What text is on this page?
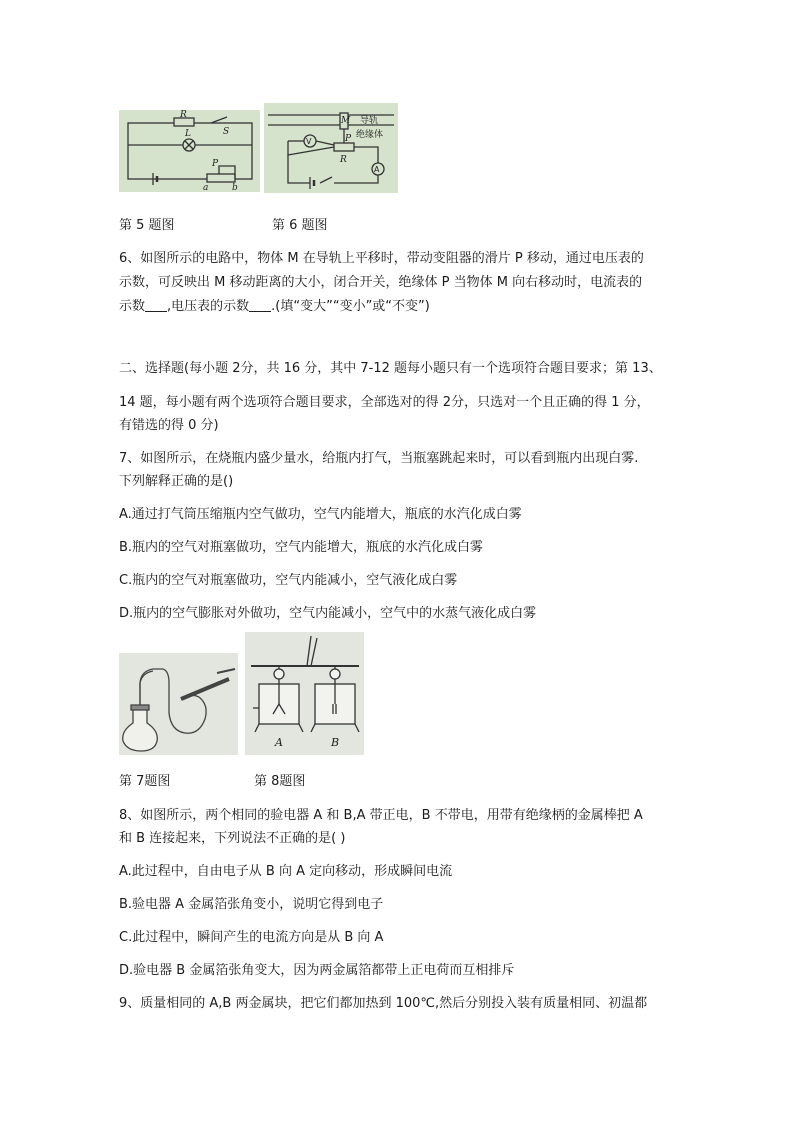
R
S
L
P
a	b
M 导轨
绝缘体
P
R
V
A
第 5 题图	第 6 题图
6、如图所示的电路中，物体 M 在导轨上平移时，带动变阻器的滑片 P 移动，通过电压表的
示数，可反映出 M 移动距离的大小，闭合开关，绝缘体 P 当物体 M 向右移动时，电流表的
示数 ,电压表的示数 .(填“变大”“变小”或“不变”)
二、选择题(每小题 2分，共 16 分，其中 7-12 题每小题只有一个选项符合题目要求；第 13、
14 题，每小题有两个选项符合题目要求，全部选对的得 2分，只选对一个且正确的得 1 分，
有错选的得 0 分)
7、如图所示，在烧瓶内盛少量水，给瓶内打气，当瓶塞跳起来时，可以看到瓶内出现白雾.
下列解释正确的是()
A.通过打气筒压缩瓶内空气做功，空气内能增大，瓶底的水汽化成白雾
B.瓶内的空气对瓶塞做功，空气内能增大，瓶底的水汽化成白雾
C.瓶内的空气对瓶塞做功，空气内能减小，空气液化成白雾
D.瓶内的空气膨胀对外做功，空气内能减小，空气中的水蒸气液化成白雾
A	B
第 7题图	第 8题图
8、如图所示，两个相同的验电器 A 和 B,A 带正电，B 不带电，用带有绝缘柄的金属棒把 A
和 B 连接起来，下列说法不正确的是( )
A.此过程中，自由电子从 B 向 A 定向移动，形成瞬间电流
B.验电器 A 金属箔张角变小，说明它得到电子
C.此过程中，瞬间产生的电流方向是从 B 向 A
D.验电器 B 金属箔张角变大，因为两金属箔都带上正电荷而互相排斥
9、质量相同的 A,B 两金属块，把它们都加热到 100℃,然后分别投入装有质量相同、初温都
